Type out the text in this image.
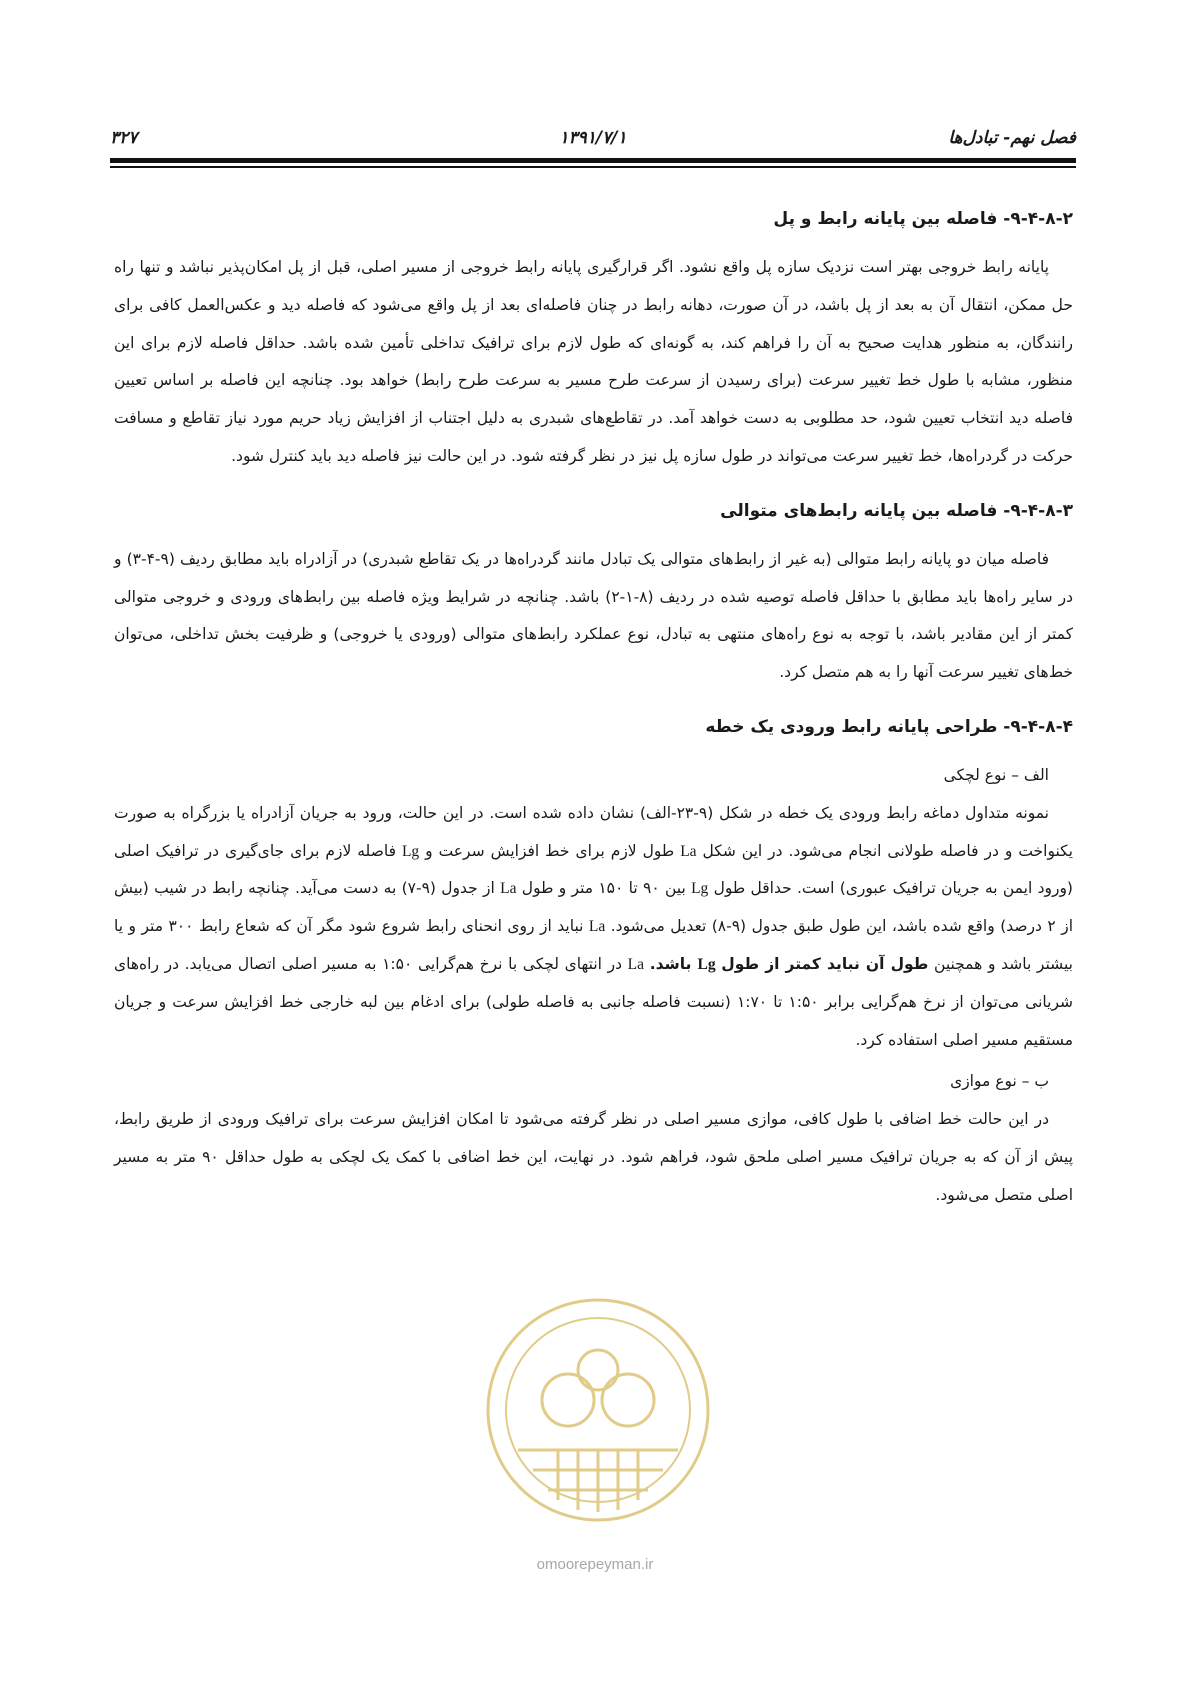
فصل نهم- تبادل‌ها
۱۳۹۱/۷/۱
۳۲۷
۹-۴-۸-۲- فاصله بین پایانه رابط و پل

پایانه رابط خروجی بهتر است نزدیک سازه پل واقع نشود. اگر قرارگیری پایانه رابط خروجی از مسیر اصلی، قبل از پل امکان‌پذیر نباشد و تنها راه حل ممکن، انتقال آن به بعد از پل باشد، در آن صورت، دهانه رابط در چنان فاصله‌ای بعد از پل واقع می‌شود که فاصله دید و عکس‌العمل کافی برای رانندگان، به منظور هدایت صحیح به آن را فراهم کند، به گونه‌ای که طول لازم برای ترافیک تداخلی تأمین شده باشد. حداقل فاصله لازم برای این منظور، مشابه با طول خط تغییر سرعت (برای رسیدن از سرعت طرح مسیر به سرعت طرح رابط) خواهد بود. چنانچه این فاصله بر اساس تعیین فاصله دید انتخاب تعیین شود، حد مطلوبی به دست خواهد آمد. در تقاطع‌های شبدری به دلیل اجتناب از افزایش زیاد حریم مورد نیاز تقاطع و مسافت حرکت در گردراه‌ها، خط تغییر سرعت می‌تواند در طول سازه پل نیز در نظر گرفته شود. در این حالت نیز فاصله دید باید کنترل شود.

۹-۴-۸-۳- فاصله بین پایانه رابط‌های متوالی

فاصله میان دو پایانه رابط متوالی (به غیر از رابط‌های متوالی یک تبادل مانند گردراه‌ها در یک تقاطع شبدری) در آزادراه باید مطابق ردیف (۹-۴-۳) و در سایر راه‌ها باید مطابق با حداقل فاصله توصیه شده در ردیف (۸-۱-۲) باشد. چنانچه در شرایط ویژه فاصله بین رابط‌های ورودی و خروجی متوالی کمتر از این مقادیر باشد، با توجه به نوع راه‌های منتهی به تبادل، نوع عملکرد رابط‌های متوالی (ورودی یا خروجی) و ظرفیت بخش تداخلی، می‌توان خط‌های تغییر سرعت آنها را به هم متصل کرد.

۹-۴-۸-۴- طراحی پایانه رابط ورودی یک خطه
الف – نوع لچکی

نمونه متداول دماغه رابط ورودی یک خطه در شکل (۹-۲۳-الف) نشان داده شده است. در این حالت، ورود به جریان آزادراه یا بزرگراه به صورت یکنواخت و در فاصله طولانی انجام می‌شود. در این شکل La طول لازم برای خط افزایش سرعت و Lg فاصله لازم برای جای‌گیری در ترافیک اصلی (ورود ایمن به جریان ترافیک عبوری) است. حداقل طول Lg بین ۹۰ تا ۱۵۰ متر و طول La از جدول (۹-۷) به دست می‌آید. چنانچه رابط در شیب (بیش از ۲ درصد) واقع شده باشد، این طول طبق جدول (۹-۸) تعدیل می‌شود. La نباید از روی انحنای رابط شروع شود مگر آن که شعاع رابط ۳۰۰ متر و یا بیشتر باشد و همچنین طول آن نباید کمتر از طول Lg باشد. La در انتهای لچکی با نرخ هم‌گرایی ۱:۵۰ به مسیر اصلی اتصال می‌یابد. در راه‌های شریانی می‌توان از نرخ هم‌گرایی برابر ۱:۵۰ تا ۱:۷۰ (نسبت فاصله جانبی به فاصله طولی) برای ادغام بین لبه خارجی خط افزایش سرعت و جریان مستقیم مسیر اصلی استفاده کرد.

ب – نوع موازی

در این حالت خط اضافی با طول کافی، موازی مسیر اصلی در نظر گرفته می‌شود تا امکان افزایش سرعت برای ترافیک ورودی از طریق رابط، پیش از آن که به جریان ترافیک مسیر اصلی ملحق شود، فراهم شود. در نهایت، این خط اضافی با کمک یک لچکی به طول حداقل ۹۰ متر به مسیر اصلی متصل می‌شود.

omoorepeyman.ir
